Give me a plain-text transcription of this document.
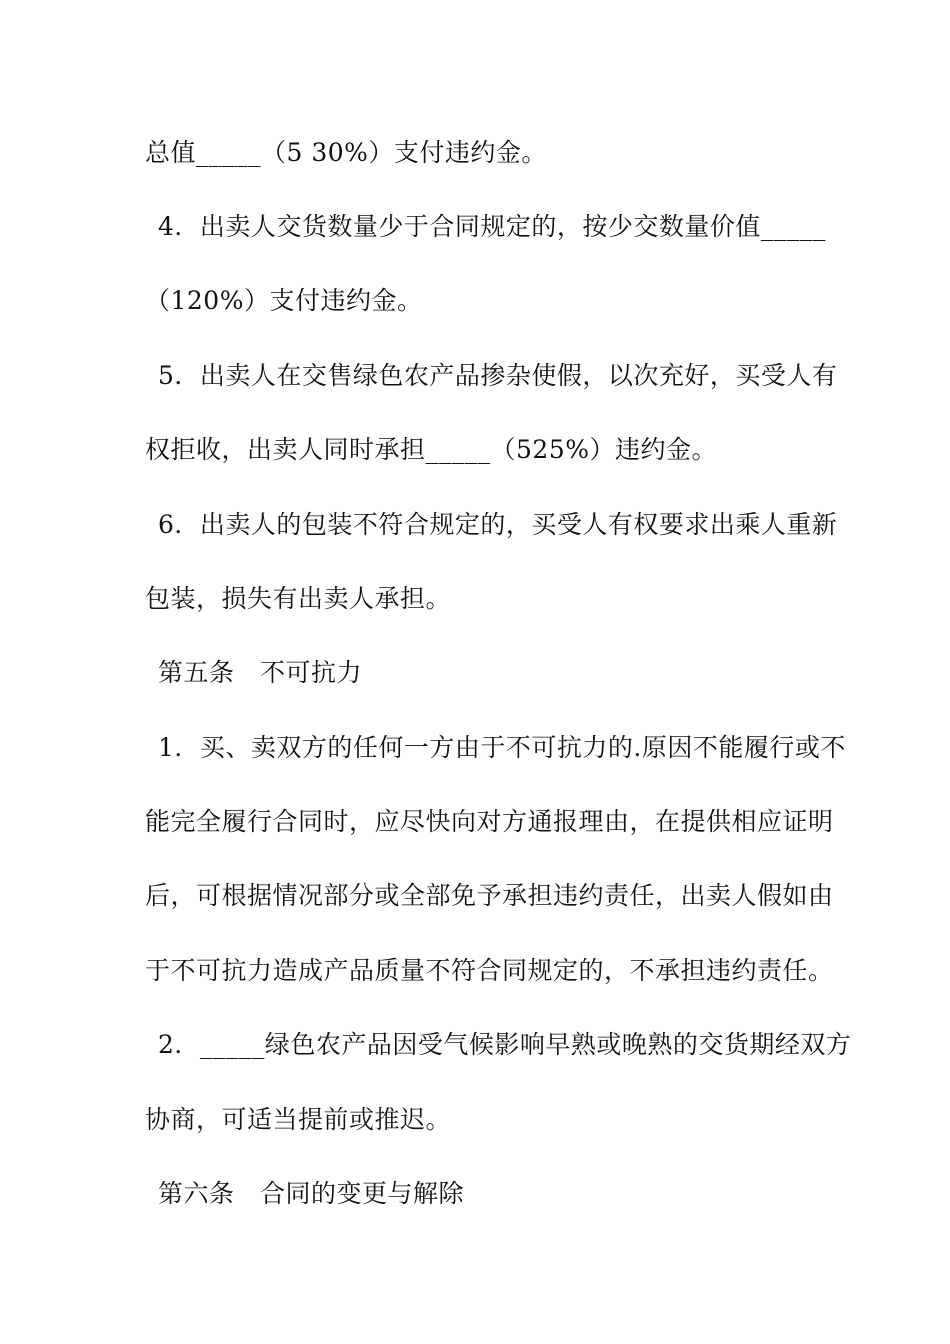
总值_____（5 30%）支付违约金。
4．出卖人交货数量少于合同规定的，按少交数量价值_____
（120%）支付违约金。
5．出卖人在交售绿色农产品掺杂使假，以次充好，买受人有
权拒收，出卖人同时承担_____（525%）违约金。
6．出卖人的包装不符合规定的，买受人有权要求出乘人重新
包装，损失有出卖人承担。
第五条　不可抗力
1．买、卖双方的任何一方由于不可抗力的.原因不能履行或不
能完全履行合同时，应尽快向对方通报理由，在提供相应证明
后，可根据情况部分或全部免予承担违约责任，出卖人假如由
于不可抗力造成产品质量不符合同规定的，不承担违约责任。
2．_____绿色农产品因受气候影响早熟或晚熟的交货期经双方
协商，可适当提前或推迟。
第六条　合同的变更与解除
